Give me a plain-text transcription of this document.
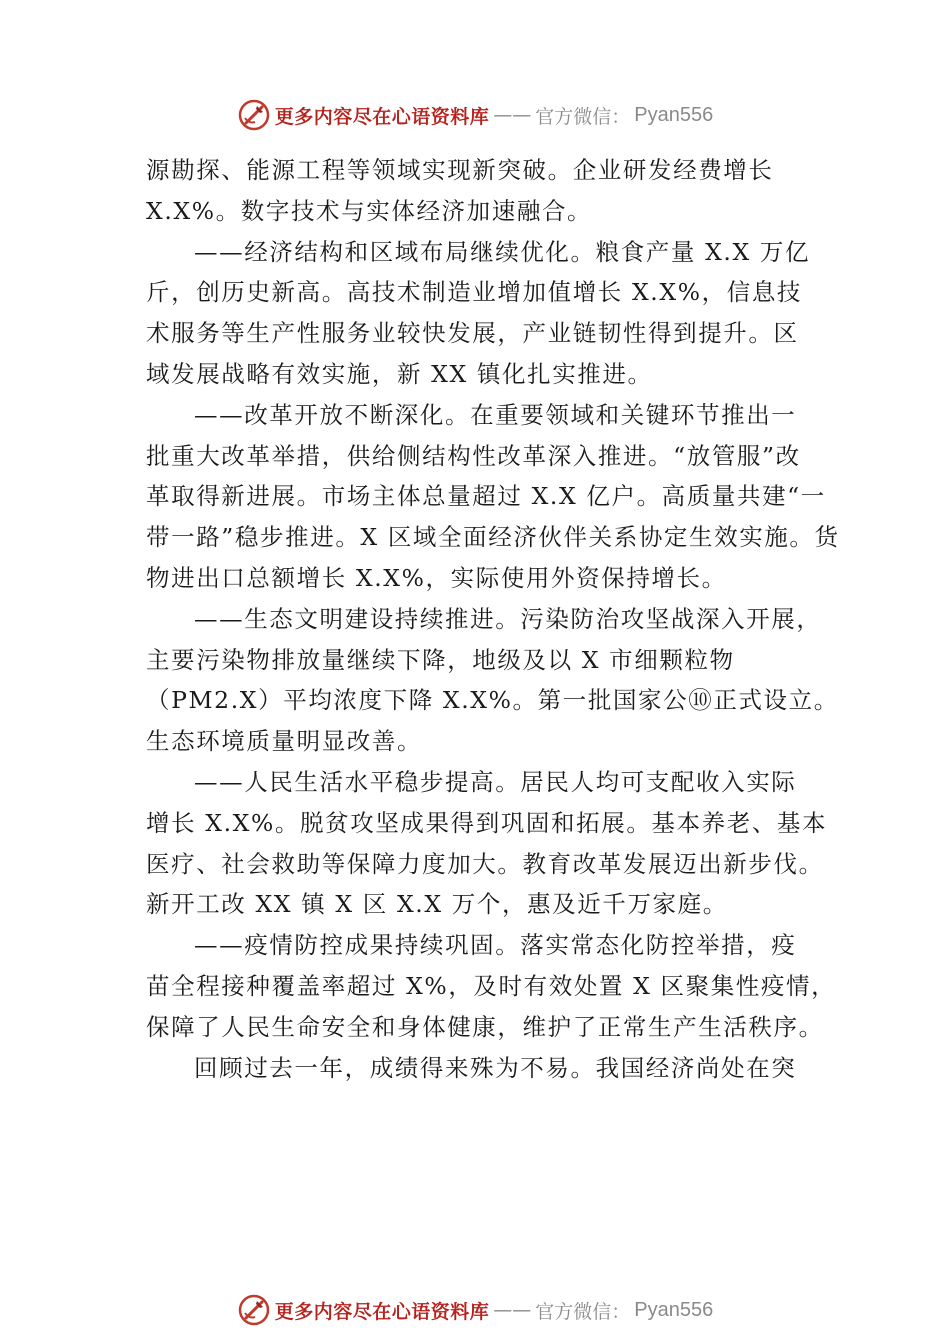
更多内容尽在心语资料库 —— 官方微信： Pyan556
源勘探、能源工程等领域实现新突破。企业研发经费增长
X.X%。数字技术与实体经济加速融合。
——经济结构和区域布局继续优化。粮食产量 X.X 万亿
斤，创历史新高。高技术制造业增加值增长 X.X%，信息技
术服务等生产性服务业较快发展，产业链韧性得到提升。区
域发展战略有效实施，新 XX 镇化扎实推进。
——改革开放不断深化。在重要领域和关键环节推出一
批重大改革举措，供给侧结构性改革深入推进。“放管服”改
革取得新进展。市场主体总量超过 X.X 亿户。高质量共建“一
带一路”稳步推进。X 区域全面经济伙伴关系协定生效实施。货
物进出口总额增长 X.X%，实际使用外资保持增长。
——生态文明建设持续推进。污染防治攻坚战深入开展，
主要污染物排放量继续下降，地级及以 X 市细颗粒物
（PM2.X）平均浓度下降 X.X%。第一批国家公⑩正式设立。
生态环境质量明显改善。
——人民生活水平稳步提高。居民人均可支配收入实际
增长 X.X%。脱贫攻坚成果得到巩固和拓展。基本养老、基本
医疗、社会救助等保障力度加大。教育改革发展迈出新步伐。
新开工改 XX 镇 X 区 X.X 万个，惠及近千万家庭。
——疫情防控成果持续巩固。落实常态化防控举措，疫
苗全程接种覆盖率超过 X%，及时有效处置 X 区聚集性疫情，
保障了人民生命安全和身体健康，维护了正常生产生活秩序。
回顾过去一年，成绩得来殊为不易。我国经济尚处在突
更多内容尽在心语资料库 —— 官方微信： Pyan556
